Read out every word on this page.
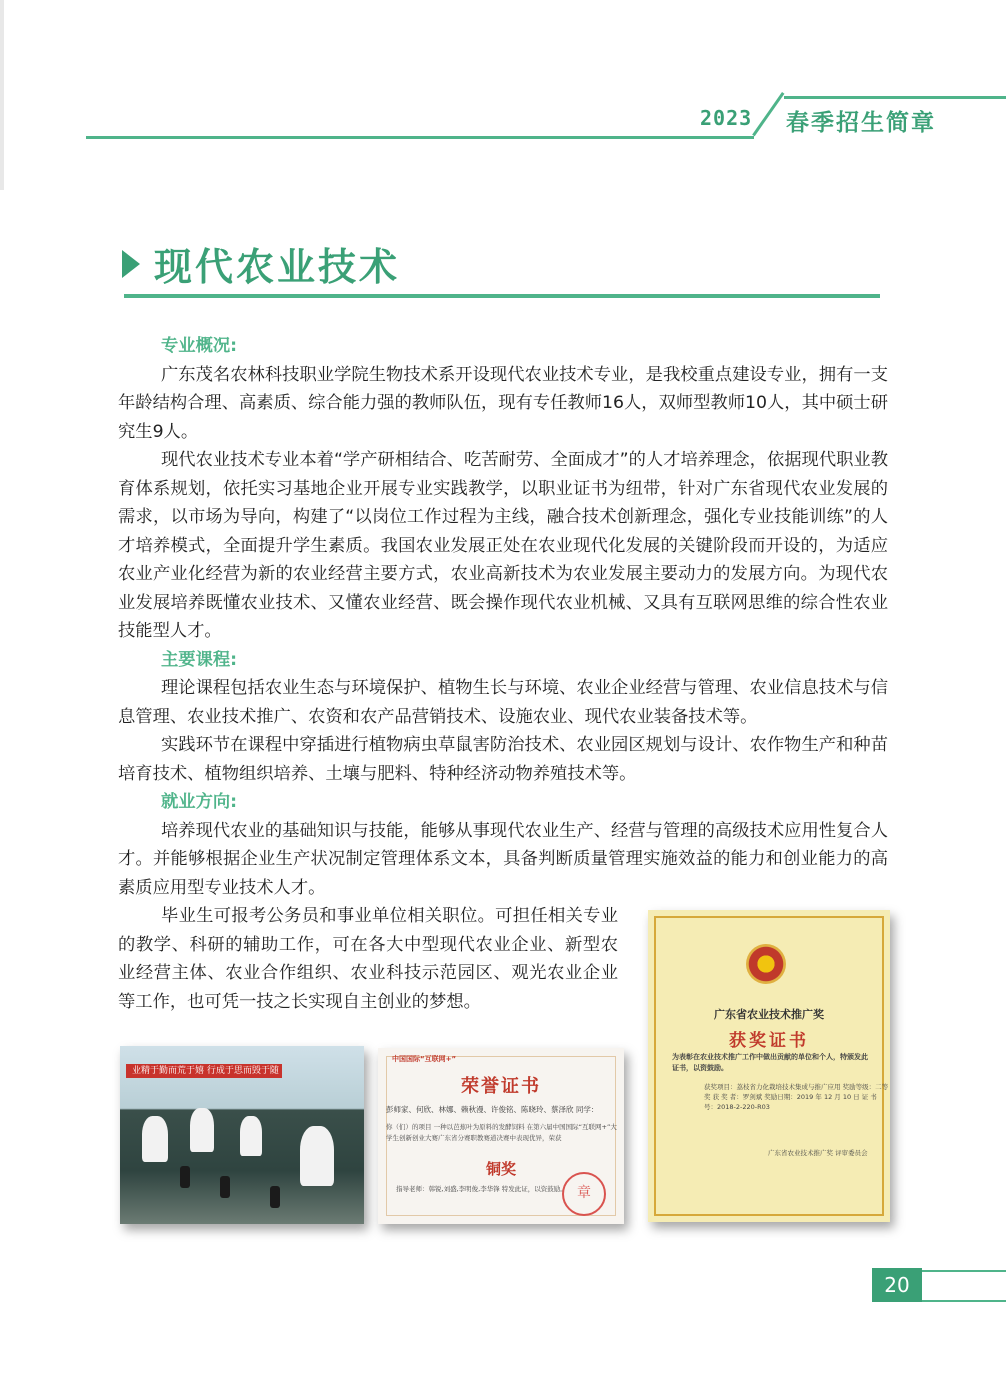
2023 春季招生简章
现代农业技术
专业概况:

广东茂名农林科技职业学院生物技术系开设现代农业技术专业，是我校重点建设专业，拥有一支年龄结构合理、高素质、综合能力强的教师队伍，现有专任教师16人，双师型教师10人，其中硕士研究生9人。

现代农业技术专业本着“学产研相结合、吃苦耐劳、全面成才”的人才培养理念，依据现代职业教育体系规划，依托实习基地企业开展专业实践教学，以职业证书为纽带，针对广东省现代农业发展的需求，以市场为导向，构建了“以岗位工作过程为主线，融合技术创新理念，强化专业技能训练”的人才培养模式，全面提升学生素质。我国农业发展正处在农业现代化发展的关键阶段而开设的，为适应农业产业化经营为新的农业经营主要方式，农业高新技术为农业发展主要动力的发展方向。为现代农业发展培养既懂农业技术、又懂农业经营、既会操作现代农业机械、又具有互联网思维的综合性农业技能型人才。

主要课程:

理论课程包括农业生态与环境保护、植物生长与环境、农业企业经营与管理、农业信息技术与信息管理、农业技术推广、农资和农产品营销技术、设施农业、现代农业装备技术等。

实践环节在课程中穿插进行植物病虫草鼠害防治技术、农业园区规划与设计、农作物生产和种苗培育技术、植物组织培养、土壤与肥料、特种经济动物养殖技术等。

就业方向:

培养现代农业的基础知识与技能，能够从事现代农业生产、经营与管理的高级技术应用性复合人才。并能够根据企业生产状况制定管理体系文本，具备判断质量管理实施效益的能力和创业能力的高素质应用型专业技术人才。

毕业生可报考公务员和事业单位相关职位。可担任相关专业的教学、科研的辅助工作，可在各大中型现代农业企业、新型农业经营主体、农业合作组织、农业科技示范园区、观光农业企业等工作，也可凭一技之长实现自主创业的梦想。

业精于勤而荒于嬉 行成于思而毁于随
中国国际“互联网+”
荣誉证书
彭师家、何欣、林娜、赖秋漫、许俊铭、陈晓玲、蔡泽欣 同学：
你（们）的项目 一种以芭蕉叶为原料的发酵饲料 在第六届中国国际“互联网+”大学生创新创业大赛广东省分赛职教赛道决赛中表现优异，荣获
铜奖
指导老师：韩锐,刘盛,李明俊,李华锋 特发此证，以资鼓励。 章
广东省农业技术推广奖
获奖证书
为表彰在农业技术推广工作中做出贡献的单位和个人，特颁发此证书，以资鼓励。
获奖项目：荔枝省力化栽培技术集成与推广应用 奖励等级：二等奖 获 奖 者：罗剑斌 奖励日期：2019 年 12 月 10 日 证 书 号：2018-2-220-R03
广东省农业技术推广奖 评审委员会
20
